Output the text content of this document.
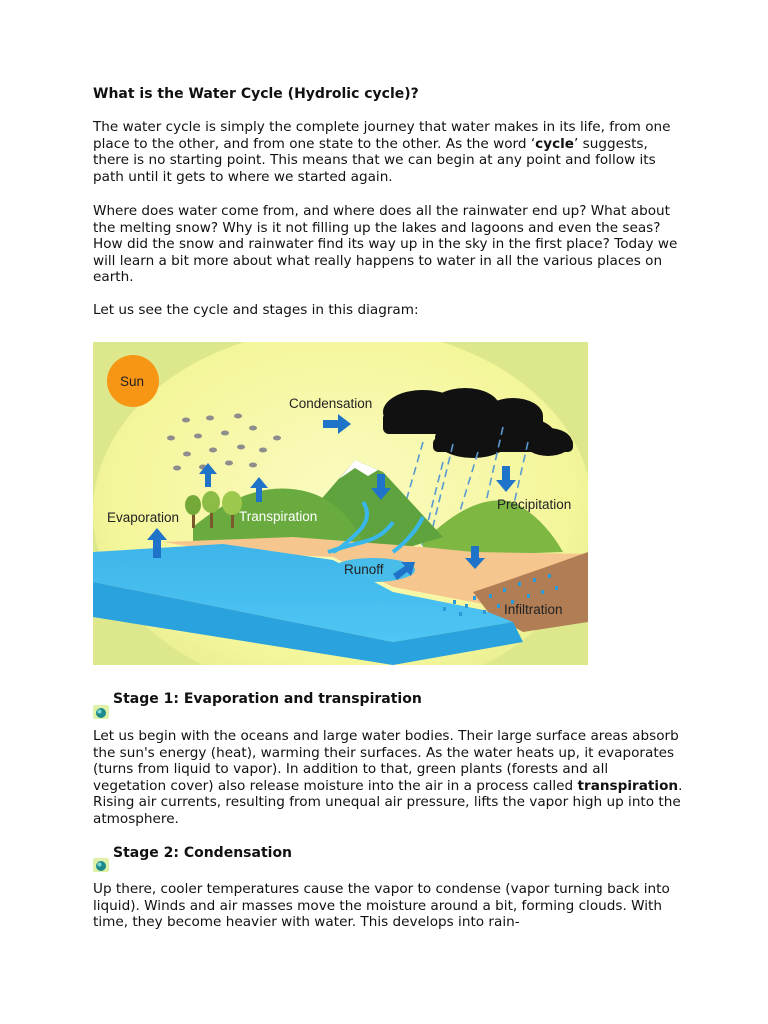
What is the Water Cycle (Hydrolic cycle)?

The water cycle is simply the complete journey that water makes in its life, from one place to the other, and from one state to the other. As the word ‘cycle’ suggests, there is no starting point. This means that we can begin at any point and follow its path until it gets to where we started again.

Where does water come from, and where does all the rainwater end up? What about the melting snow? Why is it not filling up the lakes and lagoons and even the seas? How did the snow and rainwater find its way up in the sky in the first place? Today we will learn a bit more about what really happens to water in all the various places on earth.

Let us see the cycle and stages in this diagram:

Sun
Condensation
Evaporation	Transpiration
Precipitation
Runoff
Infiltration
Stage 1: Evaporation and transpiration

Let us begin with the oceans and large water bodies. Their large surface areas absorb the sun's energy (heat), warming their surfaces. As the water heats up, it evaporates (turns from liquid to vapor). In addition to that, green plants (forests and all vegetation cover) also release moisture into the air in a process called transpiration. Rising air currents, resulting from unequal air pressure, lifts the vapor high up into the atmosphere.

Stage 2: Condensation

Up there, cooler temperatures cause the vapor to condense (vapor turning back into liquid). Winds and air masses move the moisture around a bit, forming clouds. With time, they become heavier with water. This develops into rain-
